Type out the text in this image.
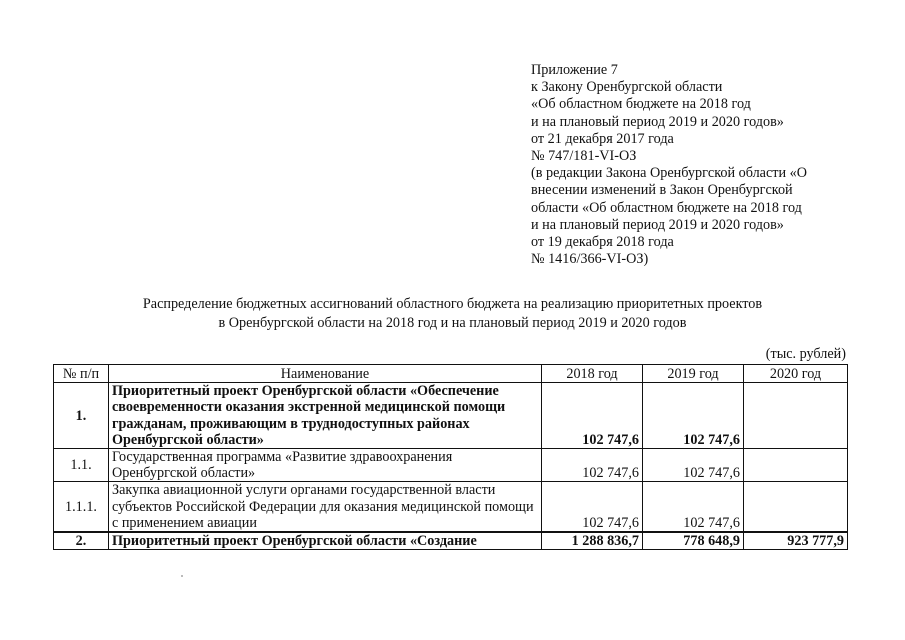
Приложение 7
к Закону Оренбургской области
«Об областном бюджете на 2018 год
и на плановый период 2019 и 2020 годов»
от 21 декабря 2017 года
№ 747/181-VI-ОЗ
(в редакции Закона Оренбургской области «О
внесении изменений в Закон Оренбургской
области «Об областном бюджете на 2018 год
и на плановый период 2019 и 2020 годов»
от 19 декабря 2018 года
№ 1416/366-VI-ОЗ)
Распределение бюджетных ассигнований областного бюджета на реализацию приоритетных проектов
в Оренбургской области на 2018 год и на плановый период 2019 и 2020 годов
(тыс. рублей)
№ п/п	Наименование	2018 год	2019 год	2020 год
1.	Приоритетный проект Оренбургской области «Обеспечение своевременности оказания экстренной медицинской помощи гражданам, проживающим в труднодоступных районах Оренбургской области»	102 747,6	102 747,6	
1.1.	Государственная программа «Развитие здравоохранения Оренбургской области»	102 747,6	102 747,6	
1.1.1.	Закупка авиационной услуги органами государственной власти субъектов Российской Федерации для оказания медицинской помощи с применением авиации	102 747,6	102 747,6	
2.	Приоритетный проект Оренбургской области «Создание	1 288 836,7	778 648,9	923 777,9
